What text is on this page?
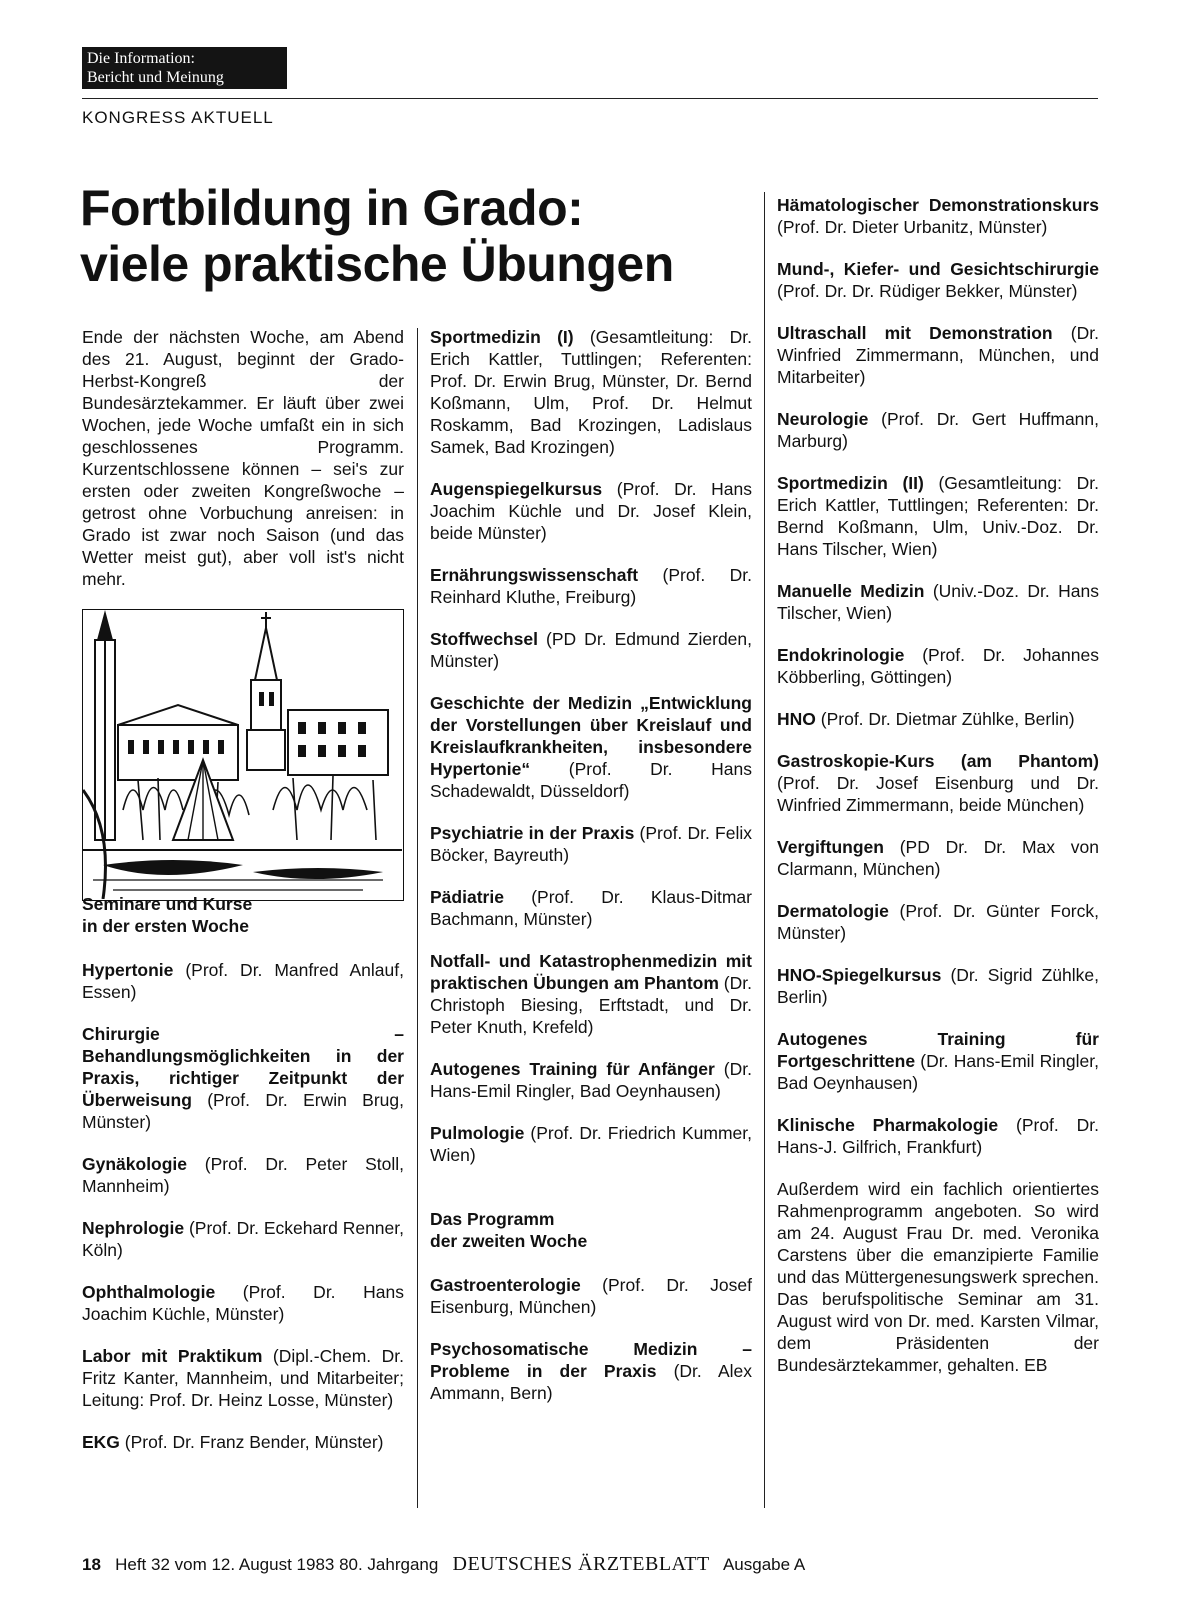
Die Information:
Bericht und Meinung
KONGRESS AKTUELL
Fortbildung in Grado:
viele praktische Übungen

Ende der nächsten Woche, am Abend des 21. August, beginnt der Grado-Herbst-Kongreß der Bundesärztekammer. Er läuft über zwei Wochen, jede Woche umfaßt ein in sich geschlossenes Programm. Kurzentschlossene können – sei's zur ersten oder zweiten Kongreßwoche – getrost ohne Vorbuchung anreisen: in Grado ist zwar noch Saison (und das Wetter meist gut), aber voll ist's nicht mehr.

Seminare und Kurse
in der ersten Woche

Hypertonie (Prof. Dr. Manfred Anlauf, Essen)

Chirurgie – Behandlungsmöglichkeiten in der Praxis, richtiger Zeitpunkt der Überweisung (Prof. Dr. Erwin Brug, Münster)

Gynäkologie (Prof. Dr. Peter Stoll, Mannheim)

Nephrologie (Prof. Dr. Eckehard Renner, Köln)

Ophthalmologie (Prof. Dr. Hans Joachim Küchle, Münster)

Labor mit Praktikum (Dipl.-Chem. Dr. Fritz Kanter, Mannheim, und Mitarbeiter; Leitung: Prof. Dr. Heinz Losse, Münster)

EKG (Prof. Dr. Franz Bender, Münster)

Sportmedizin (I) (Gesamtleitung: Dr. Erich Kattler, Tuttlingen; Referenten: Prof. Dr. Erwin Brug, Münster, Dr. Bernd Koßmann, Ulm, Prof. Dr. Helmut Roskamm, Bad Krozingen, Ladislaus Samek, Bad Krozingen)

Augenspiegelkursus (Prof. Dr. Hans Joachim Küchle und Dr. Josef Klein, beide Münster)

Ernährungswissenschaft (Prof. Dr. Reinhard Kluthe, Freiburg)

Stoffwechsel (PD Dr. Edmund Zierden, Münster)

Geschichte der Medizin „Entwicklung der Vorstellungen über Kreislauf und Kreislaufkrankheiten, insbesondere Hypertonie“ (Prof. Dr. Hans Schadewaldt, Düsseldorf)

Psychiatrie in der Praxis (Prof. Dr. Felix Böcker, Bayreuth)

Pädiatrie (Prof. Dr. Klaus-Ditmar Bachmann, Münster)

Notfall- und Katastrophenmedizin mit praktischen Übungen am Phantom (Dr. Christoph Biesing, Erftstadt, und Dr. Peter Knuth, Krefeld)

Autogenes Training für Anfänger (Dr. Hans-Emil Ringler, Bad Oeynhausen)

Pulmologie (Prof. Dr. Friedrich Kummer, Wien)

Das Programm
der zweiten Woche

Gastroenterologie (Prof. Dr. Josef Eisenburg, München)

Psychosomatische Medizin – Probleme in der Praxis (Dr. Alex Ammann, Bern)

Hämatologischer Demonstrationskurs (Prof. Dr. Dieter Urbanitz, Münster)

Mund-, Kiefer- und Gesichtschirurgie (Prof. Dr. Dr. Rüdiger Bekker, Münster)

Ultraschall mit Demonstration (Dr. Winfried Zimmermann, München, und Mitarbeiter)

Neurologie (Prof. Dr. Gert Huffmann, Marburg)

Sportmedizin (II) (Gesamtleitung: Dr. Erich Kattler, Tuttlingen; Referenten: Dr. Bernd Koßmann, Ulm, Univ.-Doz. Dr. Hans Tilscher, Wien)

Manuelle Medizin (Univ.-Doz. Dr. Hans Tilscher, Wien)

Endokrinologie (Prof. Dr. Johannes Köbberling, Göttingen)

HNO (Prof. Dr. Dietmar Zühlke, Berlin)

Gastroskopie-Kurs (am Phantom) (Prof. Dr. Josef Eisenburg und Dr. Winfried Zimmermann, beide München)

Vergiftungen (PD Dr. Dr. Max von Clarmann, München)

Dermatologie (Prof. Dr. Günter Forck, Münster)

HNO-Spiegelkursus (Dr. Sigrid Zühlke, Berlin)

Autogenes Training für Fortgeschrittene (Dr. Hans-Emil Ringler, Bad Oeynhausen)

Klinische Pharmakologie (Prof. Dr. Hans-J. Gilfrich, Frankfurt)

Außerdem wird ein fachlich orientiertes Rahmenprogramm angeboten. So wird am 24. August Frau Dr. med. Veronika Carstens über die emanzipierte Familie und das Müttergenesungswerk sprechen. Das berufspolitische Seminar am 31. August wird von Dr. med. Karsten Vilmar, dem Präsidenten der Bundesärztekammer, gehalten. EB

18 Heft 32 vom 12. August 1983 80. Jahrgang DEUTSCHES ÄRZTEBLATT Ausgabe A
